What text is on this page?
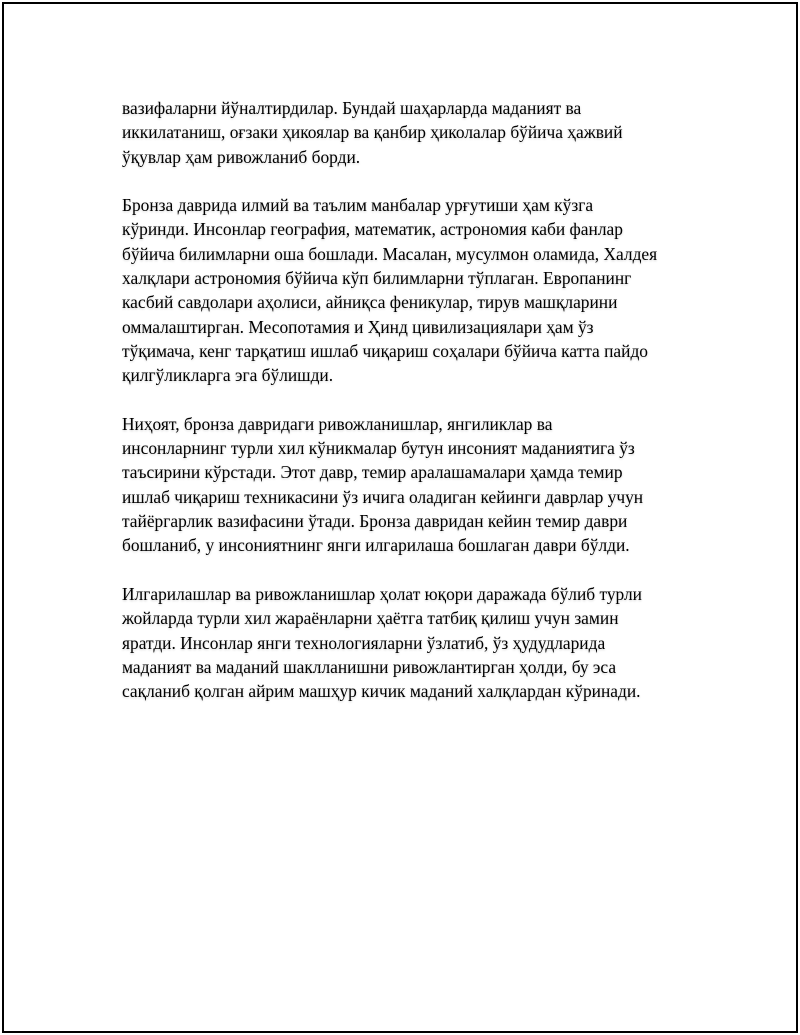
вазифаларни йўналтирдилар. Бундай шаҳарларда маданият ва
иккилатаниш, оғзаки ҳикоялар ва қанбир ҳиколалар бўйича ҳажвий
ўқувлар ҳам ривожланиб борди.

Бронза даврида илмий ва таълим манбалар урғутиши ҳам кўзга
кўринди. Инсонлар география, математик, астрономия каби фанлар
бўйича билимларни оша бошлади. Масалан, мусулмон оламида, Халдея
халқлари астрономия бўйича кўп билимларни тўплаган. Европанинг
касбий савдолари аҳолиси, айниқса феникулар, тирув машқларини
оммалаштирган. Месопотамия и Ҳинд цивилизациялари ҳам ўз
тўқимача, кенг тарқатиш ишлаб чиқариш соҳалари бўйича катта пайдо
қилгўликларга эга бўлишди.

Ниҳоят, бронза давридаги ривожланишлар, янгиликлар ва
инсонларнинг турли хил кўникмалар бутун инсоният маданиятига ўз
таъсирини кўрстади. Этот давр, темир аралашамалари ҳамда темир
ишлаб чиқариш техникасини ўз ичига оладиган кейинги даврлар учун
тайёргарлик вазифасини ўтади. Бронза давридан кейин темир даври
бошланиб, у инсониятнинг янги илгарилаша бошлаган даври бўлди.

Илгарилашлар ва ривожланишлар ҳолат юқори даражада бўлиб турли
жойларда турли хил жараёнларни ҳаётга татбиқ қилиш учун замин
яратди. Инсонлар янги технологияларни ўзлатиб, ўз ҳудудларида
маданият ва маданий шаклланишни ривожлантирган ҳолди, бу эса
сақланиб қолган айрим машҳур кичик маданий халқлардан кўринади.
